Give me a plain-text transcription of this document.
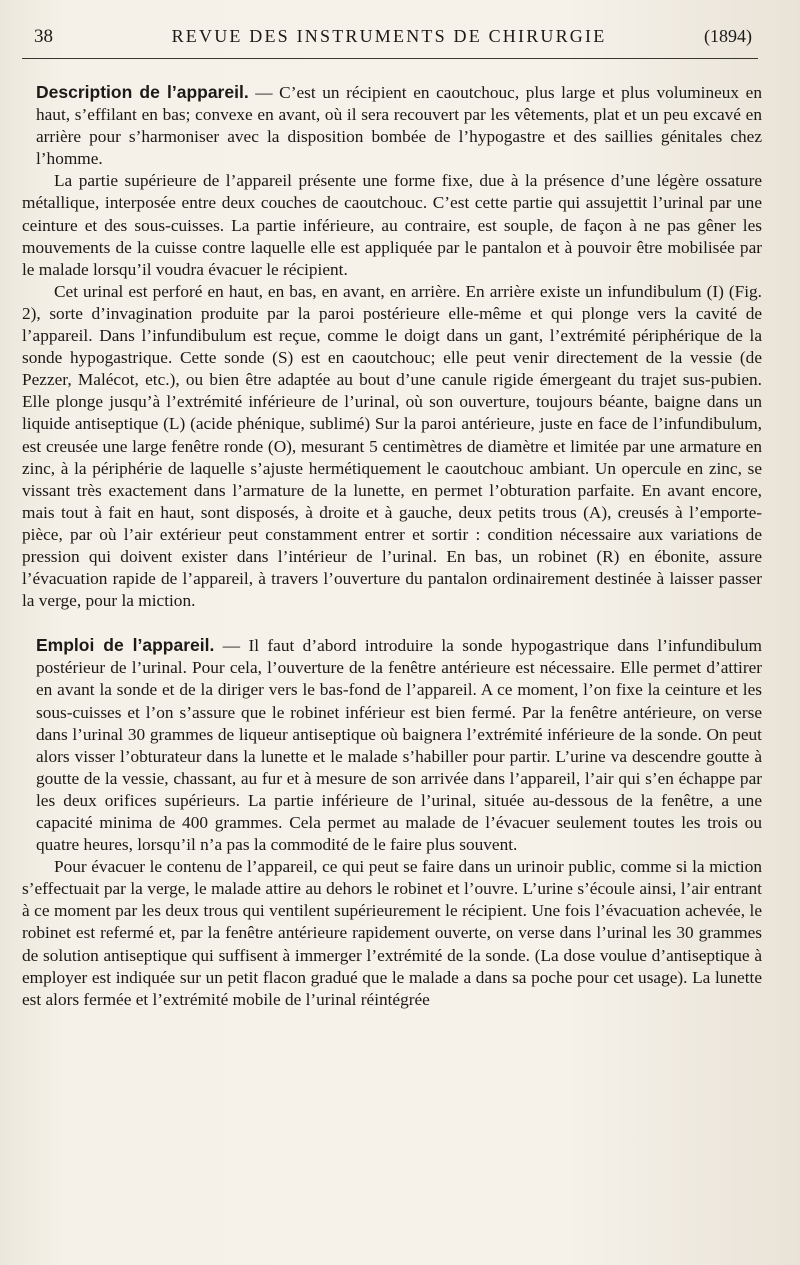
38	REVUE DES INSTRUMENTS DE CHIRURGIE	(1894)

Description de l’appareil. — C’est un récipient en caoutchouc, plus large et plus volumineux en haut, s’effilant en bas; convexe en avant, où il sera recouvert par les vêtements, plat et un peu excavé en arrière pour s’harmoniser avec la disposition bombée de l’hypogastre et des saillies génitales chez l’homme.

La partie supérieure de l’appareil présente une forme fixe, due à la présence d’une légère ossature métallique, interposée entre deux couches de caoutchouc. C’est cette partie qui assujettit l’urinal par une ceinture et des sous-cuisses. La partie inférieure, au contraire, est souple, de façon à ne pas gêner les mouvements de la cuisse contre laquelle elle est appliquée par le pantalon et à pouvoir être mobilisée par le malade lorsqu’il voudra évacuer le récipient.

Cet urinal est perforé en haut, en bas, en avant, en arrière. En arrière existe un infundibulum (I) (Fig. 2), sorte d’invagination produite par la paroi postérieure elle-même et qui plonge vers la cavité de l’appareil. Dans l’infundibulum est reçue, comme le doigt dans un gant, l’extrémité périphérique de la sonde hypogastrique. Cette sonde (S) est en caoutchouc; elle peut venir directement de la vessie (de Pezzer, Malécot, etc.), ou bien être adaptée au bout d’une canule rigide émergeant du trajet sus-pubien. Elle plonge jusqu’à l’extrémité inférieure de l’urinal, où son ouverture, toujours béante, baigne dans un liquide antiseptique (L) (acide phénique, sublimé) Sur la paroi antérieure, juste en face de l’infundibulum, est creusée une large fenêtre ronde (O), mesurant 5 centimètres de diamètre et limitée par une armature en zinc, à la périphérie de laquelle s’ajuste hermétiquement le caoutchouc ambiant. Un opercule en zinc, se vissant très exactement dans l’armature de la lunette, en permet l’obturation parfaite. En avant encore, mais tout à fait en haut, sont disposés, à droite et à gauche, deux petits trous (A), creusés à l’emporte-pièce, par où l’air extérieur peut constamment entrer et sortir : condition nécessaire aux variations de pression qui doivent exister dans l’intérieur de l’urinal. En bas, un robinet (R) en ébonite, assure l’évacuation rapide de l’appareil, à travers l’ouverture du pantalon ordinairement destinée à laisser passer la verge, pour la miction.

Emploi de l’appareil. — Il faut d’abord introduire la sonde hypogastrique dans l’infundibulum postérieur de l’urinal. Pour cela, l’ouverture de la fenêtre antérieure est nécessaire. Elle permet d’attirer en avant la sonde et de la diriger vers le bas-fond de l’appareil. A ce moment, l’on fixe la ceinture et les sous-cuisses et l’on s’assure que le robinet inférieur est bien fermé. Par la fenêtre antérieure, on verse dans l’urinal 30 grammes de liqueur antiseptique où baignera l’extrémité inférieure de la sonde. On peut alors visser l’obturateur dans la lunette et le malade s’habiller pour partir. L’urine va descendre goutte à goutte de la vessie, chassant, au fur et à mesure de son arrivée dans l’appareil, l’air qui s’en échappe par les deux orifices supérieurs. La partie inférieure de l’urinal, située au-dessous de la fenêtre, a une capacité minima de 400 grammes. Cela permet au malade de l’évacuer seulement toutes les trois ou quatre heures, lorsqu’il n’a pas la commodité de le faire plus souvent.

Pour évacuer le contenu de l’appareil, ce qui peut se faire dans un urinoir public, comme si la miction s’effectuait par la verge, le malade attire au dehors le robinet et l’ouvre. L’urine s’écoule ainsi, l’air entrant à ce moment par les deux trous qui ventilent supérieurement le récipient. Une fois l’évacuation achevée, le robinet est refermé et, par la fenêtre antérieure rapidement ouverte, on verse dans l’urinal les 30 grammes de solution antiseptique qui suffisent à immerger l’extrémité de la sonde. (La dose voulue d’antiseptique à employer est indiquée sur un petit flacon gradué que le malade a dans sa poche pour cet usage). La lunette est alors fermée et l’extrémité mobile de l’urinal réintégrée
